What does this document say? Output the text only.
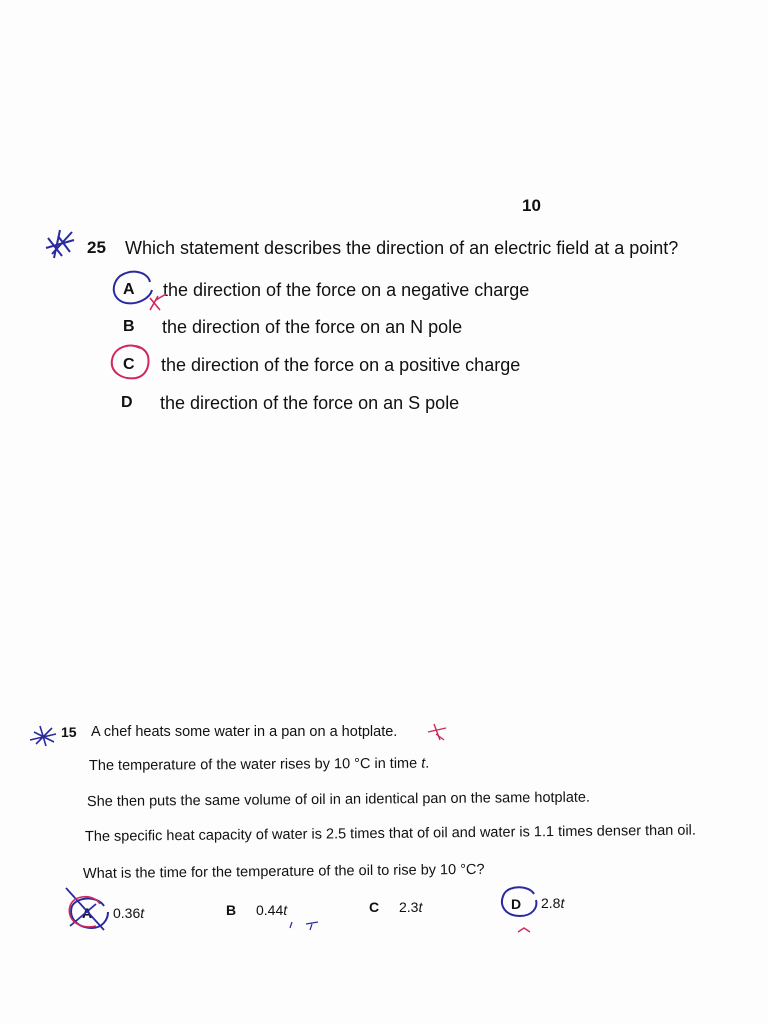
10
25 Which statement describes the direction of an electric field at a point?
A the direction of the force on a negative charge
B the direction of the force on an N pole
C the direction of the force on a positive charge
D the direction of the force on an S pole
15 A chef heats some water in a pan on a hotplate.
The temperature of the water rises by 10 °C in time t.
She then puts the same volume of oil in an identical pan on the same hotplate.
The specific heat capacity of water is 2.5 times that of oil and water is 1.1 times denser than oil.
What is the time for the temperature of the oil to rise by 10 °C?
A 0.36t	B 0.44t	C 2.3t	D 2.8t
